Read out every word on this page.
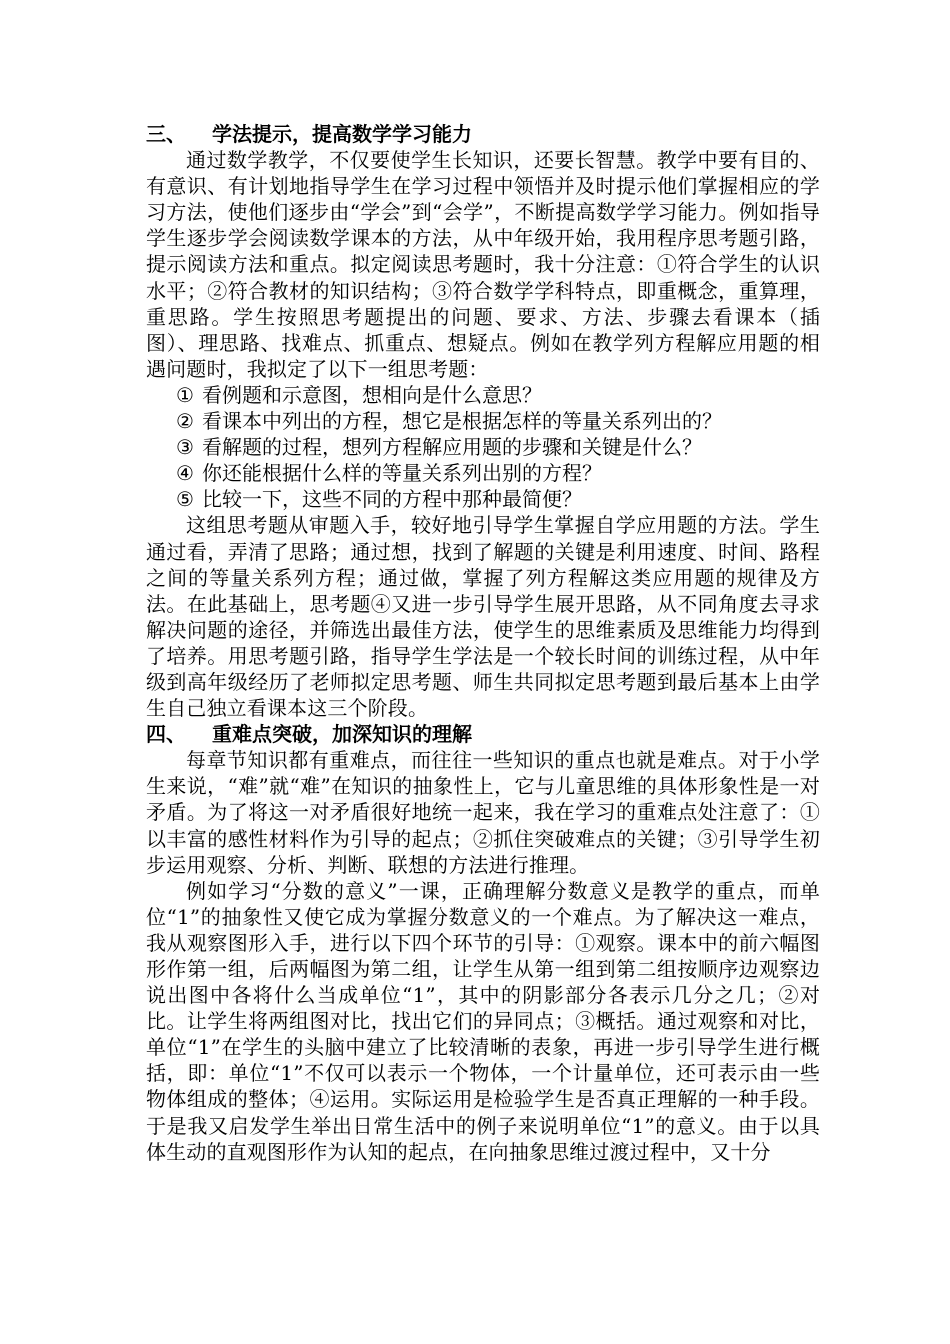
三、 学法提示，提高数学学习能力

通过数学教学，不仅要使学生长知识，还要长智慧。教学中要有目的、有意识、有计划地指导学生在学习过程中领悟并及时提示他们掌握相应的学习方法，使他们逐步由“学会”到“会学”，不断提高数学学习能力。例如指导学生逐步学会阅读数学课本的方法，从中年级开始，我用程序思考题引路，提示阅读方法和重点。拟定阅读思考题时，我十分注意：①符合学生的认识水平；②符合教材的知识结构；③符合数学学科特点，即重概念，重算理，重思路。学生按照思考题提出的问题、要求、方法、步骤去看课本（插图）、理思路、找难点、抓重点、想疑点。例如在教学列方程解应用题的相遇问题时，我拟定了以下一组思考题：

① 看例题和示意图，想相向是什么意思？
② 看课本中列出的方程，想它是根据怎样的等量关系列出的？
③ 看解题的过程，想列方程解应用题的步骤和关键是什么？
④ 你还能根据什么样的等量关系列出别的方程？
⑤ 比较一下，这些不同的方程中那种最简便？

这组思考题从审题入手，较好地引导学生掌握自学应用题的方法。学生通过看，弄清了思路；通过想，找到了解题的关键是利用速度、时间、路程之间的等量关系列方程；通过做，掌握了列方程解这类应用题的规律及方法。在此基础上，思考题④又进一步引导学生展开思路，从不同角度去寻求解决问题的途径，并筛选出最佳方法，使学生的思维素质及思维能力均得到了培养。用思考题引路，指导学生学法是一个较长时间的训练过程，从中年级到高年级经历了老师拟定思考题、师生共同拟定思考题到最后基本上由学生自己独立看课本这三个阶段。

四、 重难点突破，加深知识的理解

每章节知识都有重难点，而往往一些知识的重点也就是难点。对于小学生来说，“难”就“难”在知识的抽象性上，它与儿童思维的具体形象性是一对矛盾。为了将这一对矛盾很好地统一起来，我在学习的重难点处注意了：①以丰富的感性材料作为引导的起点；②抓住突破难点的关键；③引导学生初步运用观察、分析、判断、联想的方法进行推理。

例如学习“分数的意义”一课，正确理解分数意义是教学的重点，而单位“1”的抽象性又使它成为掌握分数意义的一个难点。为了解决这一难点，我从观察图形入手，进行以下四个环节的引导：①观察。课本中的前六幅图形作第一组，后两幅图为第二组，让学生从第一组到第二组按顺序边观察边说出图中各将什么当成单位“1”，其中的阴影部分各表示几分之几；②对比。让学生将两组图对比，找出它们的异同点；③概括。通过观察和对比，单位“1”在学生的头脑中建立了比较清晰的表象，再进一步引导学生进行概括，即：单位“1”不仅可以表示一个物体，一个计量单位，还可表示由一些物体组成的整体；④运用。实际运用是检验学生是否真正理解的一种手段。于是我又启发学生举出日常生活中的例子来说明单位“1”的意义。由于以具体生动的直观图形作为认知的起点，在向抽象思维过渡过程中，又十分
